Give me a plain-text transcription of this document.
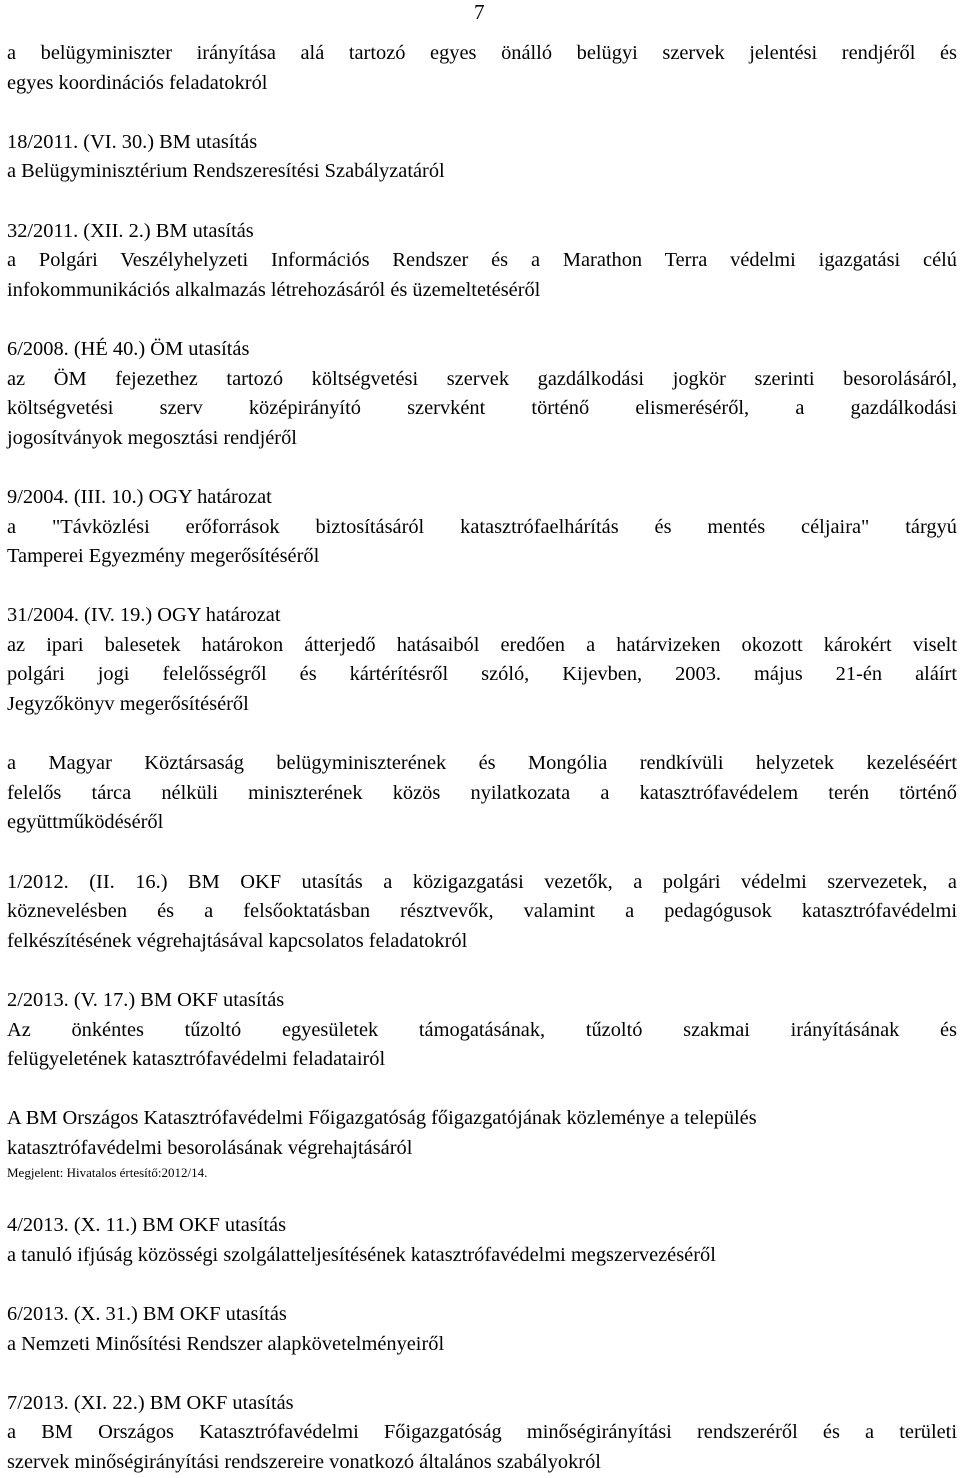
7
a belügyminiszter irányítása alá tartozó egyes önálló belügyi szervek jelentési rendjéről és
egyes koordinációs feladatokról
18/2011. (VI. 30.) BM utasítás
a Belügyminisztérium Rendszeresítési Szabályzatáról
32/2011. (XII. 2.) BM utasítás
a Polgári Veszélyhelyzeti Információs Rendszer és a Marathon Terra védelmi igazgatási célú
infokommunikációs alkalmazás létrehozásáról és üzemeltetéséről
6/2008. (HÉ 40.) ÖM utasítás
az ÖM fejezethez tartozó költségvetési szervek gazdálkodási jogkör szerinti besorolásáról,
költségvetési szerv középirányító szervként történő elismeréséről, a gazdálkodási
jogosítványok megosztási rendjéről
9/2004. (III. 10.) OGY határozat
a "Távközlési erőforrások biztosításáról katasztrófaelhárítás és mentés céljaira" tárgyú
Tamperei Egyezmény megerősítéséről
31/2004. (IV. 19.) OGY határozat
az ipari balesetek határokon átterjedő hatásaiból eredően a határvizeken okozott károkért viselt
polgári jogi felelősségről és kártérítésről szóló, Kijevben, 2003. május 21-én aláírt
Jegyzőkönyv megerősítéséről
a Magyar Köztársaság belügyminiszterének és Mongólia rendkívüli helyzetek kezeléséért
felelős tárca nélküli miniszterének közös nyilatkozata a katasztrófavédelem terén történő
együttműködéséről
1/2012. (II. 16.) BM OKF utasítás a közigazgatási vezetők, a polgári védelmi szervezetek, a
köznevelésben és a felsőoktatásban résztvevők, valamint a pedagógusok katasztrófavédelmi
felkészítésének végrehajtásával kapcsolatos feladatokról
2/2013. (V. 17.) BM OKF utasítás
Az önkéntes tűzoltó egyesületek támogatásának, tűzoltó szakmai irányításának és
felügyeletének katasztrófavédelmi feladatairól
A BM Országos Katasztrófavédelmi Főigazgatóság főigazgatójának közleménye a település
katasztrófavédelmi besorolásának végrehajtásáról
Megjelent: Hivatalos értesítő:2012/14.
4/2013. (X. 11.) BM OKF utasítás
a tanuló ifjúság közösségi szolgálatteljesítésének katasztrófavédelmi megszervezéséről
6/2013. (X. 31.) BM OKF utasítás
a Nemzeti Minősítési Rendszer alapkövetelményeiről
7/2013. (XI. 22.) BM OKF utasítás
a BM Országos Katasztrófavédelmi Főigazgatóság minőségirányítási rendszeréről és a területi
szervek minőségirányítási rendszereire vonatkozó általános szabályokról
